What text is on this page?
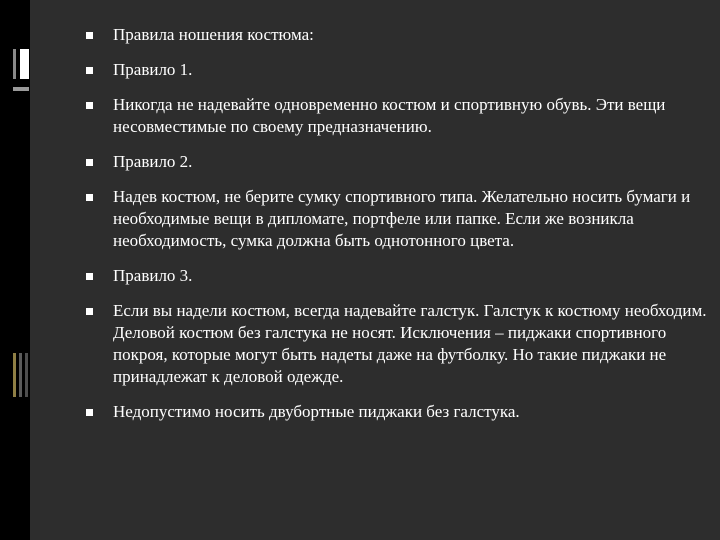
Правила ношения костюма:
Правило 1.
Никогда не надевайте одновременно костюм и спортивную обувь. Эти вещи несовместимые по своему предназначению.
Правило 2.
Надев костюм, не берите сумку спортивного типа. Желательно носить бумаги и необходимые вещи в дипломате, портфеле или папке. Если же возникла необходимость, сумка должна быть однотонного цвета.
Правило 3.
Если вы надели костюм, всегда надевайте галстук. Галстук к костюму необходим. Деловой костюм без галстука не носят. Исключения – пиджаки спортивного покроя, которые могут быть надеты даже на футболку. Но такие пиджаки не принадлежат к деловой одежде.
Недопустимо носить двубортные пиджаки без галстука.
